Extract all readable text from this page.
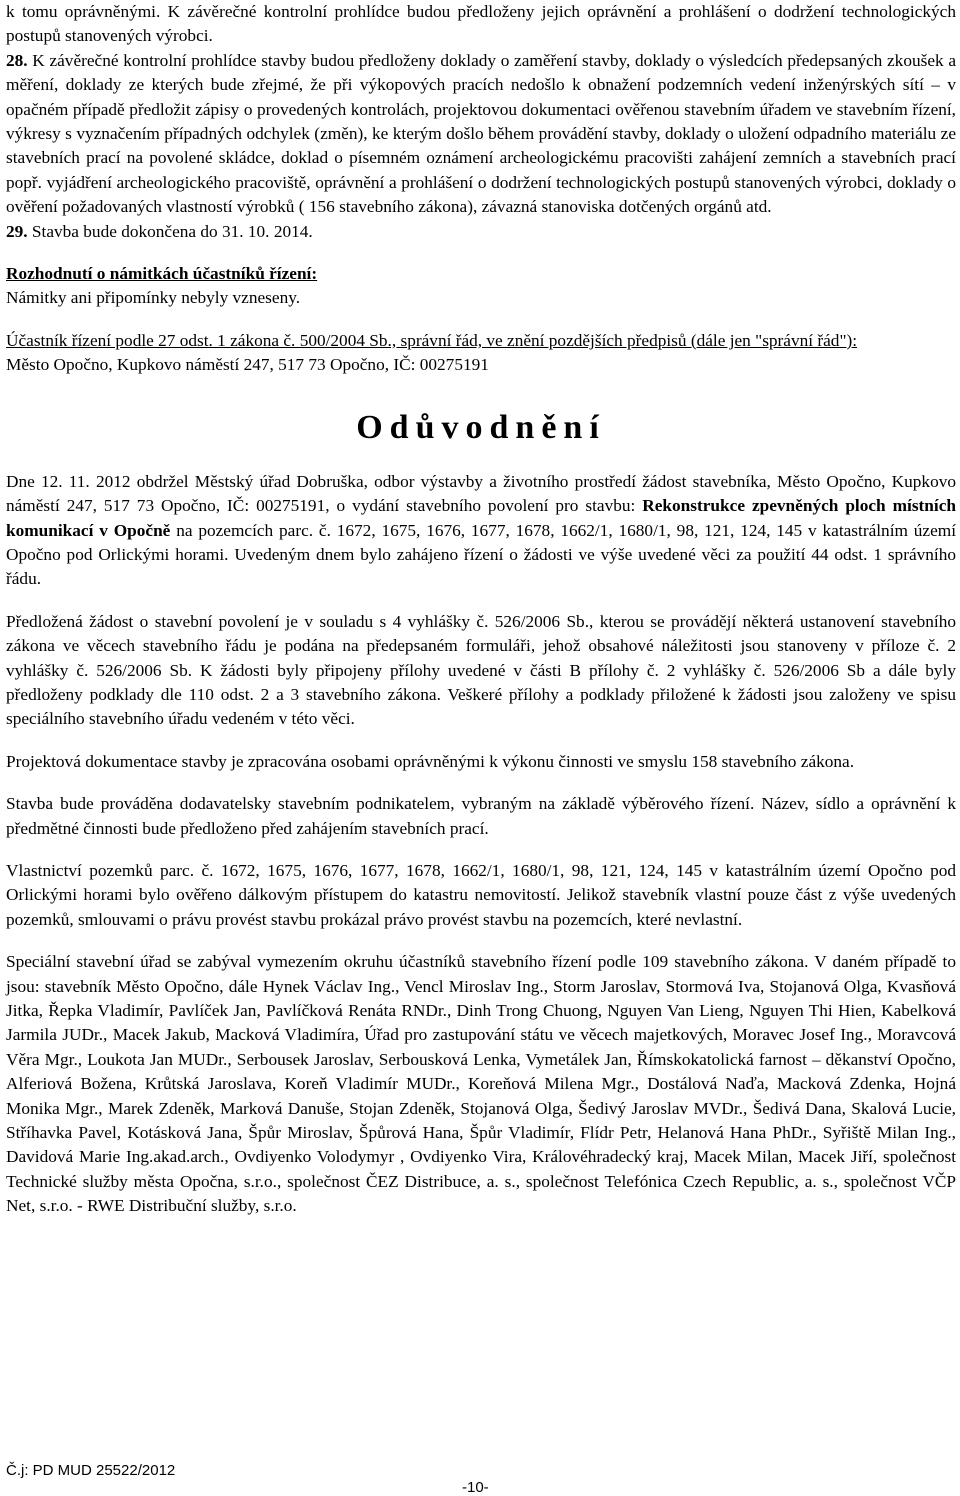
k tomu oprávněnými. K závěrečné kontrolní prohlídce budou předloženy jejich oprávnění a prohlášení o dodržení technologických postupů stanovených výrobci.

28. K závěrečné kontrolní prohlídce stavby budou předloženy doklady o zaměření stavby, doklady o výsledcích předepsaných zkoušek a měření, doklady ze kterých bude zřejmé, že při výkopových pracích nedošlo k obnažení podzemních vedení inženýrských sítí – v opačném případě předložit zápisy o provedených kontrolách, projektovou dokumentaci ověřenou stavebním úřadem ve stavebním řízení, výkresy s vyznačením případných odchylek (změn), ke kterým došlo během provádění stavby, doklady o uložení odpadního materiálu ze stavebních prací na povolené skládce, doklad o písemném oznámení archeologickému pracovišti zahájení zemních a stavebních prací popř. vyjádření archeologického pracoviště, oprávnění a prohlášení o dodržení technologických postupů stanovených výrobci, doklady o ověření požadovaných vlastností výrobků ( 156 stavebního zákona), závazná stanoviska dotčených orgánů atd.

29. Stavba bude dokončena do 31. 10. 2014.

Rozhodnutí o námitkách účastníků řízení:

Námitky ani připomínky nebyly vzneseny.

Účastník řízení podle 27 odst. 1 zákona č. 500/2004 Sb., správní řád, ve znění pozdějších předpisů (dále jen "správní řád"):

Město Opočno, Kupkovo náměstí 247, 517 73 Opočno, IČ: 00275191

Odůvodnění

Dne 12. 11. 2012 obdržel Městský úřad Dobruška, odbor výstavby a životního prostředí žádost stavebníka, Město Opočno, Kupkovo náměstí 247, 517 73 Opočno, IČ: 00275191, o vydání stavebního povolení pro stavbu: Rekonstrukce zpevněných ploch místních komunikací v Opočně na pozemcích parc. č. 1672, 1675, 1676, 1677, 1678, 1662/1, 1680/1, 98, 121, 124, 145 v katastrálním území Opočno pod Orlickými horami. Uvedeným dnem bylo zahájeno řízení o žádosti ve výše uvedené věci za použití 44 odst. 1 správního řádu.

Předložená žádost o stavební povolení je v souladu s 4 vyhlášky č. 526/2006 Sb., kterou se provádějí některá ustanovení stavebního zákona ve věcech stavebního řádu je podána na předepsaném formuláři, jehož obsahové náležitosti jsou stanoveny v příloze č. 2 vyhlášky č. 526/2006 Sb. K žádosti byly připojeny přílohy uvedené v části B přílohy č. 2 vyhlášky č. 526/2006 Sb a dále byly předloženy podklady dle 110 odst. 2 a 3 stavebního zákona. Veškeré přílohy a podklady přiložené k žádosti jsou založeny ve spisu speciálního stavebního úřadu vedeném v této věci.

Projektová dokumentace stavby je zpracována osobami oprávněnými k výkonu činnosti ve smyslu 158 stavebního zákona.

Stavba bude prováděna dodavatelsky stavebním podnikatelem, vybraným na základě výběrového řízení. Název, sídlo a oprávnění k předmětné činnosti bude předloženo před zahájením stavebních prací.

Vlastnictví pozemků parc. č. 1672, 1675, 1676, 1677, 1678, 1662/1, 1680/1, 98, 121, 124, 145 v katastrálním území Opočno pod Orlickými horami bylo ověřeno dálkovým přístupem do katastru nemovitostí. Jelikož stavebník vlastní pouze část z výše uvedených pozemků, smlouvami o právu provést stavbu prokázal právo provést stavbu na pozemcích, které nevlastní.

Speciální stavební úřad se zabýval vymezením okruhu účastníků stavebního řízení podle 109 stavebního zákona. V daném případě to jsou: stavebník Město Opočno, dále Hynek Václav Ing., Vencl Miroslav Ing., Storm Jaroslav, Stormová Iva, Stojanová Olga, Kvasňová Jitka, Řepka Vladimír, Pavlíček Jan, Pavlíčková Renáta RNDr., Dinh Trong Chuong, Nguyen Van Lieng, Nguyen Thi Hien, Kabelková Jarmila JUDr., Macek Jakub, Macková Vladimíra, Úřad pro zastupování státu ve věcech majetkových, Moravec Josef Ing., Moravcová Věra Mgr., Loukota Jan MUDr., Serbousek Jaroslav, Serbousková Lenka, Vymetálek Jan, Římskokatolická farnost – děkanství Opočno, Alferiová Božena, Krůtská Jaroslava, Koreň Vladimír MUDr., Koreňová Milena Mgr., Dostálová Naďa, Macková Zdenka, Hojná Monika Mgr., Marek Zdeněk, Marková Danuše, Stojan Zdeněk, Stojanová Olga, Šedivý Jaroslav MVDr., Šedivá Dana, Skalová Lucie, Stříhavka Pavel, Kotásková Jana, Špůr Miroslav, Špůrová Hana, Špůr Vladimír, Flídr Petr, Helanová Hana PhDr., Syřiště Milan Ing., Davidová Marie Ing.akad.arch., Ovdiyenko Volodymyr , Ovdiyenko Vira, Královéhradecký kraj, Macek Milan, Macek Jiří, společnost Technické služby města Opočna, s.r.o., společnost ČEZ Distribuce, a. s., společnost Telefónica Czech Republic, a. s., společnost VČP Net, s.r.o. - RWE Distribuční služby, s.r.o.

Č.j: PD MUD 25522/2012
-10-
